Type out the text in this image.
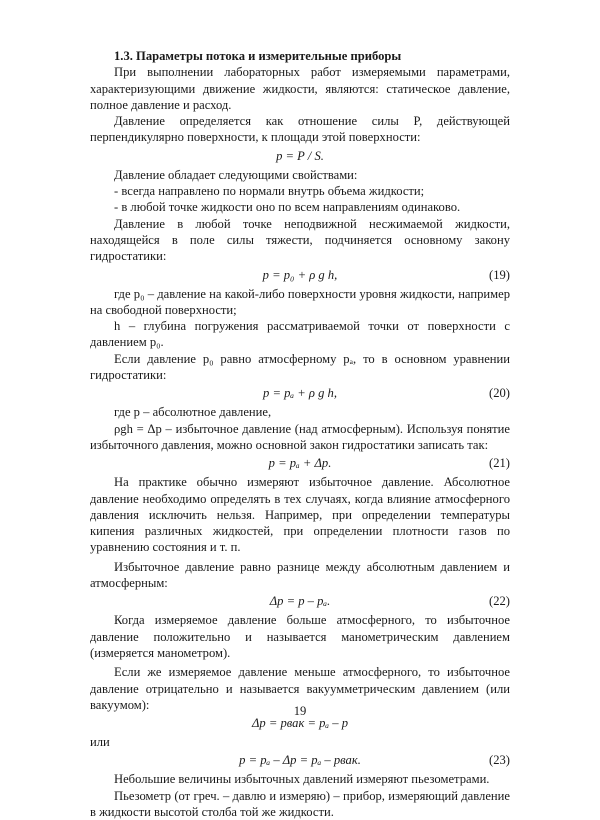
1.3. Параметры потока и измерительные приборы

При выполнении лабораторных работ измеряемыми параметрами, характеризующими движение жидкости, являются: статическое давление, полное давление и расход.

Давление определяется как отношение силы P, действующей перпендикулярно поверхности, к площади этой поверхности:

p = P / S.

Давление обладает следующими свойствами:

- всегда направлено по нормали внутрь объема жидкости;

- в любой точке жидкости оно по всем направлениям одинаково.

Давление в любой точке неподвижной несжимаемой жидкости, находящейся в поле силы тяжести, подчиняется основному закону гидростатики:

p = p₀ + ρ g h,	(19)

где p₀ – давление на какой-либо поверхности уровня жидкости, например на свободной поверхности;

h – глубина погружения рассматриваемой точки от поверхности с давлением p₀.

Если давление p₀ равно атмосферному pₐ, то в основном уравнении гидростатики:

p = pₐ + ρ g h,	(20)

где p – абсолютное давление,

ρgh = Δp – избыточное давление (над атмосферным). Используя понятие избыточного давления, можно основной закон гидростатики записать так:

p = pₐ + Δp.	(21)

На практике обычно измеряют избыточное давление. Абсолютное давление необходимо определять в тех случаях, когда влияние атмосферного давления исключить нельзя. Например, при определении температуры кипения различных жидкостей, при определении плотности газов по уравнению состояния и т. п.

Избыточное давление равно разнице между абсолютным давлением и атмосферным:

Δp = p – pₐ.	(22)

Когда измеряемое давление больше атмосферного, то избыточное давление положительно и называется манометрическим давлением (измеряется манометром).

Если же измеряемое давление меньше атмосферного, то избыточное давление отрицательно и называется вакуумметрическим давлением (или вакуумом):

Δp = pвак = pₐ – p

или

p = pₐ – Δp = pₐ – pвак.	(23)

Небольшие величины избыточных давлений измеряют пьезометрами.

Пьезометр (от греч. – давлю и измеряю) – прибор, измеряющий давление в жидкости высотой столба той же жидкости.

19
